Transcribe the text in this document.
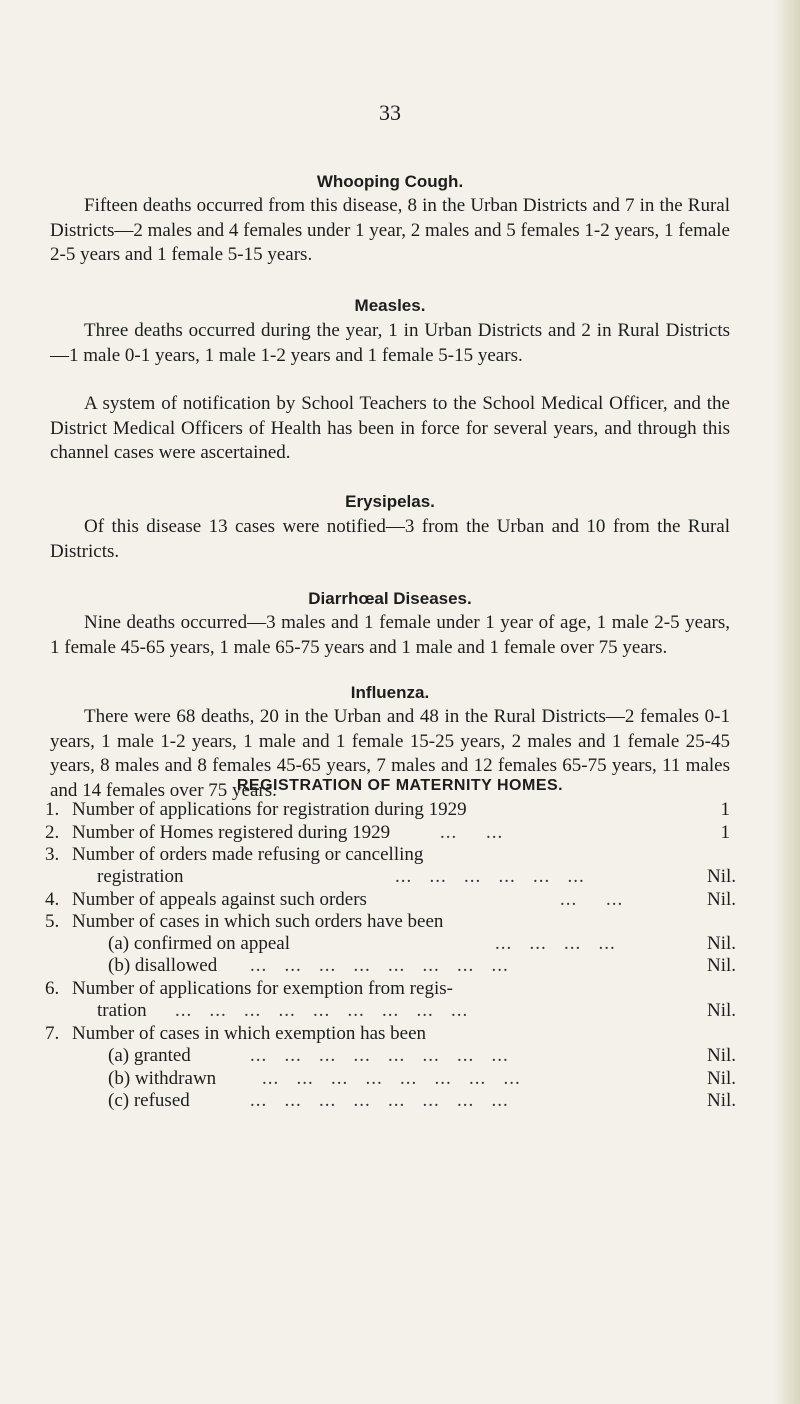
33
Whooping Cough.

Fifteen deaths occurred from this disease, 8 in the Urban Districts and 7 in the Rural Districts—2 males and 4 females under 1 year, 2 males and 5 females 1-2 years, 1 female 2-5 years and 1 female 5-15 years.

Measles.

Three deaths occurred during the year, 1 in Urban Districts and 2 in Rural Districts—1 male 0-1 years, 1 male 1-2 years and 1 female 5-15 years.

A system of notification by School Teachers to the School Medical Officer, and the District Medical Officers of Health has been in force for several years, and through this channel cases were ascertained.

Erysipelas.

Of this disease 13 cases were notified—3 from the Urban and 10 from the Rural Districts.

Diarrhœal Diseases.

Nine deaths occurred—3 males and 1 female under 1 year of age, 1 male 2-5 years, 1 female 45-65 years, 1 male 65-75 years and 1 male and 1 female over 75 years.

Influenza.

There were 68 deaths, 20 in the Urban and 48 in the Rural Districts—2 females 0-1 years, 1 male 1-2 years, 1 male and 1 female 15-25 years, 2 males and 1 female 25-45 years, 8 males and 8 females 45-65 years, 7 males and 12 females 65-75 years, 11 males and 14 females over 75 years.

REGISTRATION OF MATERNITY HOMES.
1. Number of applications for registration during 1929	1
2. Number of Homes registered during 1929	...     ...	1
3. Number of orders made refusing or cancelling
registration	...   ...   ...   ...   ...   ...	Nil.
4. Number of appeals against such orders	...     ...	Nil.
5. Number of cases in which such orders have been
(a) confirmed on appeal	...   ...   ...   ...	Nil.
(b) disallowed ...   ...   ...   ...   ...   ...   ...   ...	Nil.
6. Number of applications for exemption from regis-
tration ...   ...   ...   ...   ...   ...   ...   ...   ...	Nil.
7. Number of cases in which exemption has been
(a) granted	...   ...   ...   ...   ...   ...   ...   ...	Nil.
(b) withdrawn ...   ...   ...   ...   ...   ...   ...   ...	Nil.
(c) refused	...   ...   ...   ...   ...   ...   ...   ...	Nil.
